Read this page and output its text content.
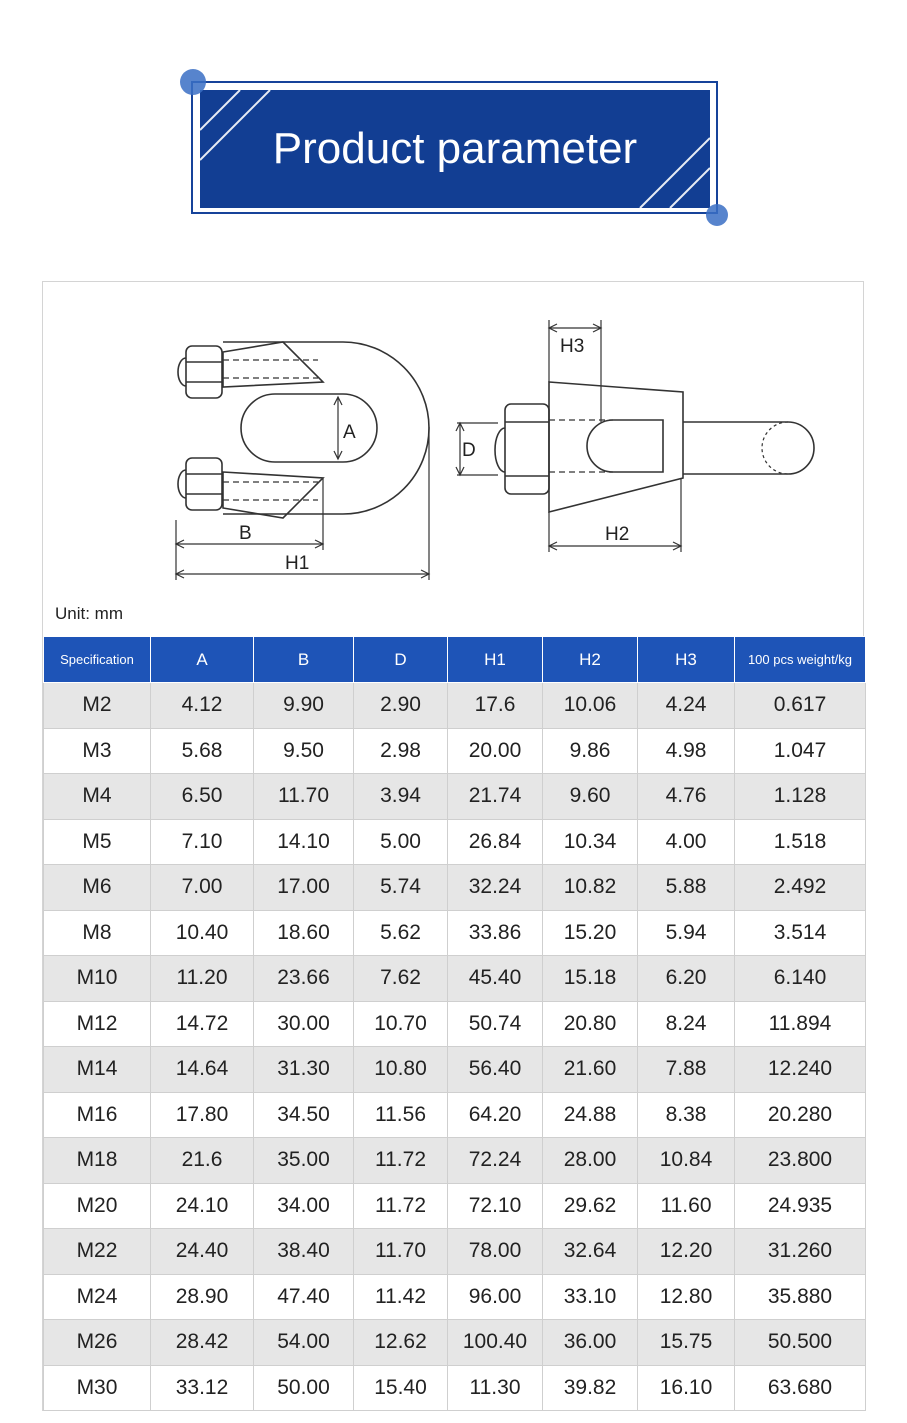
Product parameter
A
B
H1
D
H3
H2
Unit: mm
Specification	A	B	D	H1	H2	H3	100 pcs weight/kg
M2	4.12	9.90	2.90	17.6	10.06	4.24	0.617
M3	5.68	9.50	2.98	20.00	9.86	4.98	1.047
M4	6.50	11.70	3.94	21.74	9.60	4.76	1.128
M5	7.10	14.10	5.00	26.84	10.34	4.00	1.518
M6	7.00	17.00	5.74	32.24	10.82	5.88	2.492
M8	10.40	18.60	5.62	33.86	15.20	5.94	3.514
M10	11.20	23.66	7.62	45.40	15.18	6.20	6.140
M12	14.72	30.00	10.70	50.74	20.80	8.24	11.894
M14	14.64	31.30	10.80	56.40	21.60	7.88	12.240
M16	17.80	34.50	11.56	64.20	24.88	8.38	20.280
M18	21.6	35.00	11.72	72.24	28.00	10.84	23.800
M20	24.10	34.00	11.72	72.10	29.62	11.60	24.935
M22	24.40	38.40	11.70	78.00	32.64	12.20	31.260
M24	28.90	47.40	11.42	96.00	33.10	12.80	35.880
M26	28.42	54.00	12.62	100.40	36.00	15.75	50.500
M30	33.12	50.00	15.40	11.30	39.82	16.10	63.680
